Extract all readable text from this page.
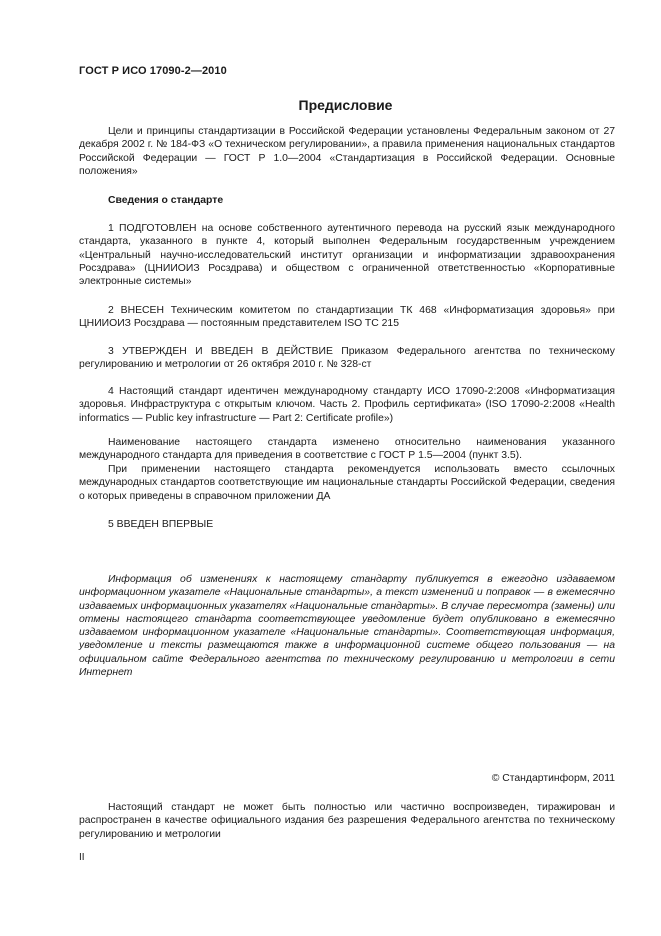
ГОСТ Р ИСО 17090-2—2010
Предисловие

Цели и принципы стандартизации в Российской Федерации установлены Федеральным законом от 27 декабря 2002 г. № 184-ФЗ «О техническом регулировании», а правила применения национальных стандартов Российской Федерации — ГОСТ Р 1.0—2004 «Стандартизация в Российской Федерации. Основные положения»

Сведения о стандарте

1 ПОДГОТОВЛЕН на основе собственного аутентичного перевода на русский язык международного стандарта, указанного в пункте 4, который выполнен Федеральным государственным учреждением «Центральный научно-исследовательский институт организации и информатизации здравоохранения Росздрава» (ЦНИИОИЗ Росздрава) и обществом с ограниченной ответственностью «Корпоративные электронные системы»

2 ВНЕСЕН Техническим комитетом по стандартизации ТК 468 «Информатизация здоровья» при ЦНИИОИЗ Росздрава — постоянным представителем ISO TC 215

3 УТВЕРЖДЕН И ВВЕДЕН В ДЕЙСТВИЕ Приказом Федерального агентства по техническому регулированию и метрологии от 26 октября 2010 г. № 328-ст

4 Настоящий стандарт идентичен международному стандарту ИСО 17090-2:2008 «Информатизация здоровья. Инфраструктура с открытым ключом. Часть 2. Профиль сертификата» (ISO 17090-2:2008 «Health informatics — Public key infrastructure — Part 2: Certificate profile»)

Наименование настоящего стандарта изменено относительно наименования указанного международного стандарта для приведения в соответствие с ГОСТ Р 1.5—2004 (пункт 3.5).

При применении настоящего стандарта рекомендуется использовать вместо ссылочных международных стандартов соответствующие им национальные стандарты Российской Федерации, сведения о которых приведены в справочном приложении ДА

5 ВВЕДЕН ВПЕРВЫЕ

Информация об изменениях к настоящему стандарту публикуется в ежегодно издаваемом информационном указателе «Национальные стандарты», а текст изменений и поправок — в ежемесячно издаваемых информационных указателях «Национальные стандарты». В случае пересмотра (замены) или отмены настоящего стандарта соответствующее уведомление будет опубликовано в ежемесячно издаваемом информационном указателе «Национальные стандарты». Соответствующая информация, уведомление и тексты размещаются также в информационной системе общего пользования — на официальном сайте Федерального агентства по техническому регулированию и метрологии в сети Интернет

© Стандартинформ, 2011

Настоящий стандарт не может быть полностью или частично воспроизведен, тиражирован и распространен в качестве официального издания без разрешения Федерального агентства по техническому регулированию и метрологии

II
